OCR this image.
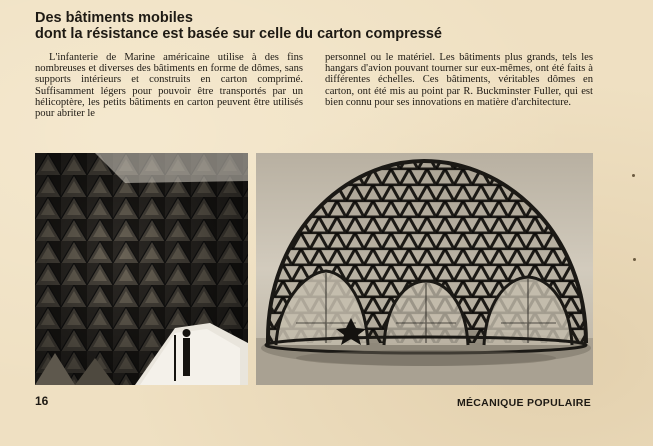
Des bâtiments mobiles
dont la résistance est basée sur celle du carton compressé

L'infanterie de Marine américaine utilise à des fins nombreuses et diverses des bâtiments en forme de dômes, sans supports intérieurs et construits en carton comprimé. Suffisamment légers pour pouvoir être transportés par un hélicoptère, les petits bâtiments en carton peuvent être utilisés pour abriter le

personnel ou le matériel. Les bâtiments plus grands, tels les hangars d'avion pouvant tourner sur eux-mêmes, ont été faits à différentes échelles. Ces bâtiments, véritables dômes en carton, ont été mis au point par R. Buckminster Fuller, qui est bien connu pour ses innovations en matière d'architecture.

16	MÉCANIQUE POPULAIRE
